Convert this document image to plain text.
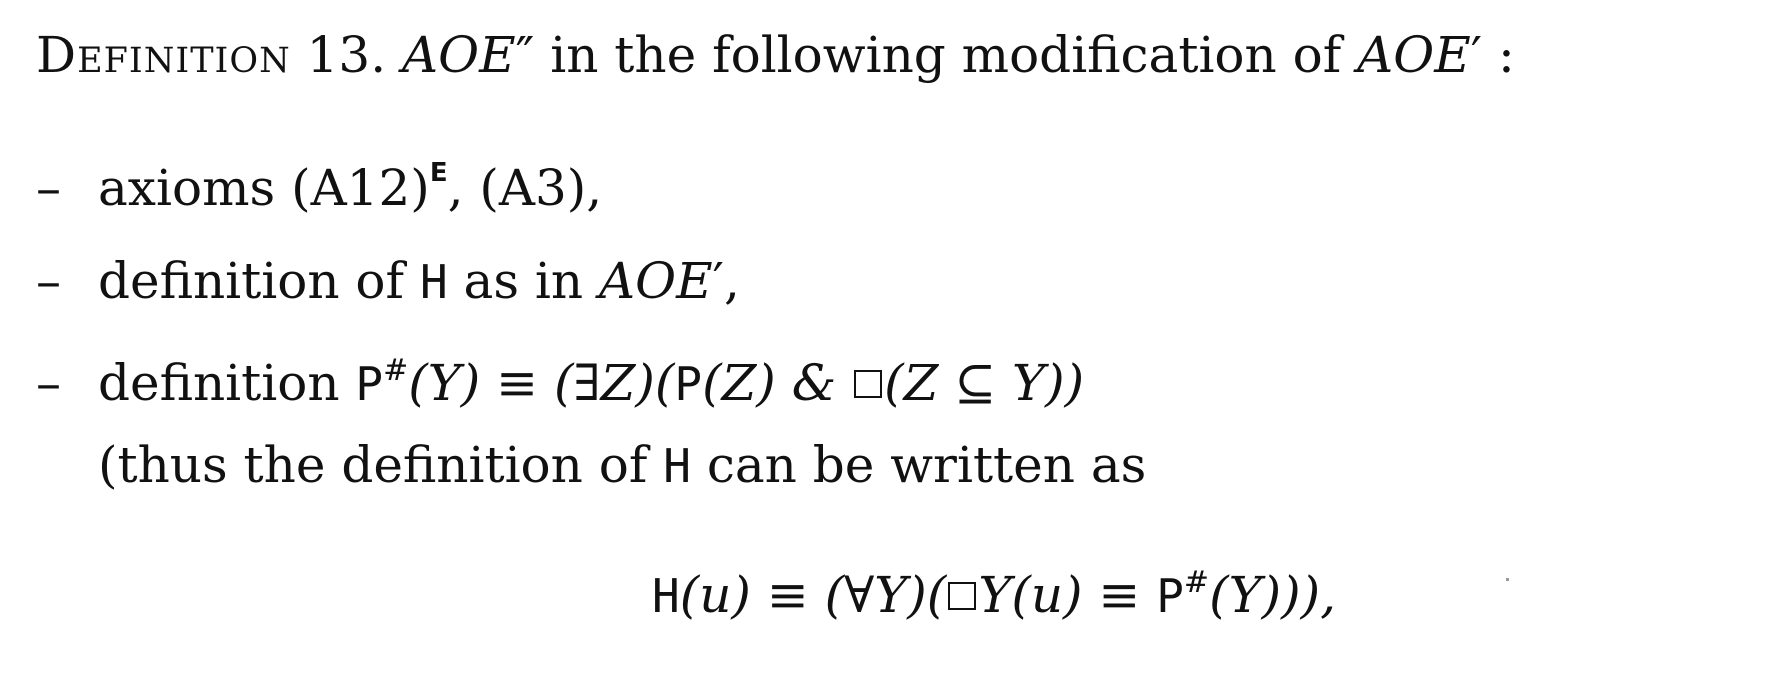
Definition 13. AOE″ in the following modification of AOE′ :
– axioms $(A12)^E$, (A3),
– definition of H as in AOE′,
– definition P#(Y) ≡ (∃Z)(P(Z) & (Z ⊆ Y))
(thus the definition of H can be written as
H(u) ≡ (∀Y)( Y(u) ≡ P#(Y))),
